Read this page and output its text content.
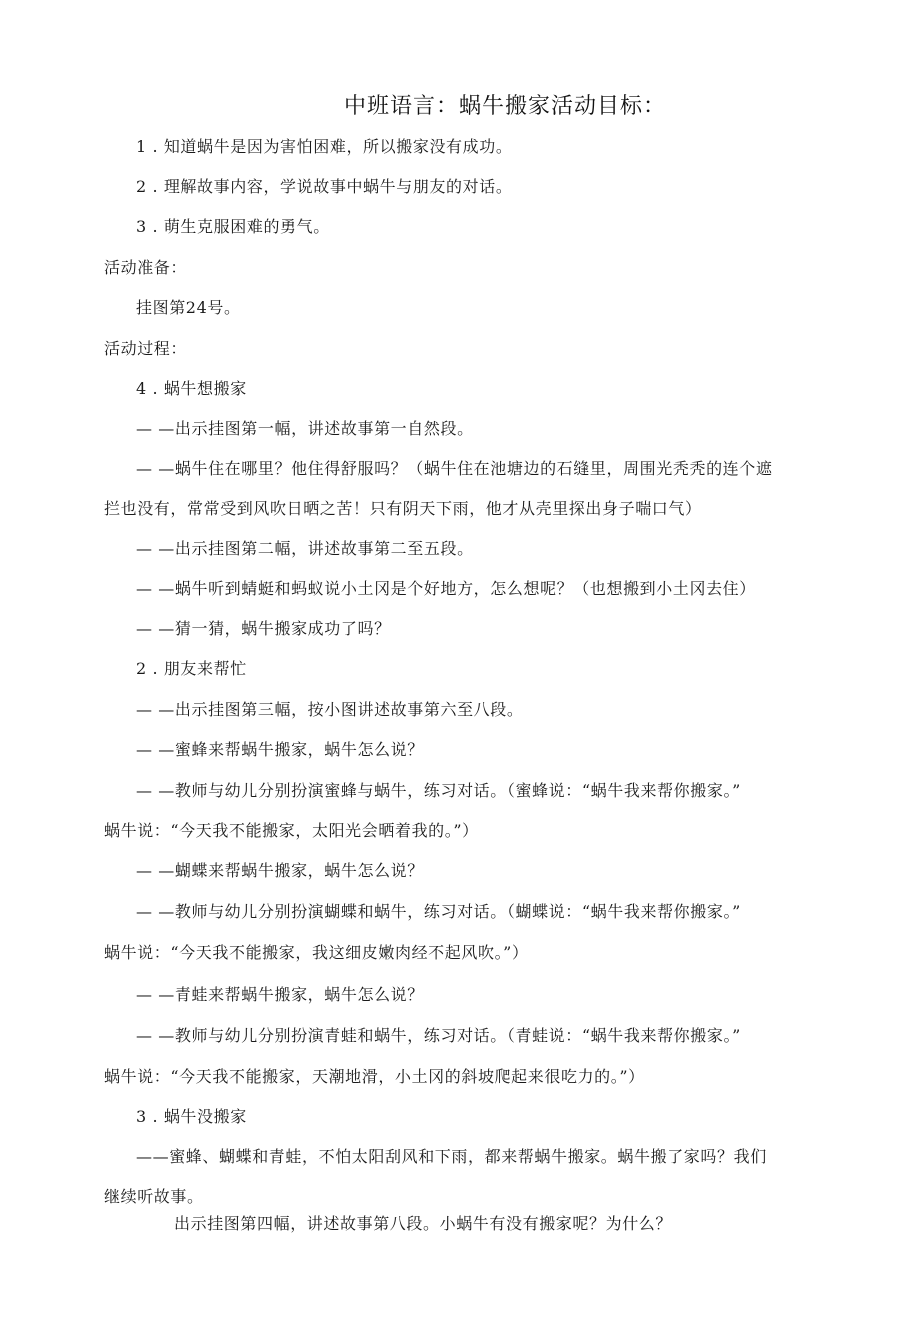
中班语言：蜗牛搬家活动目标：
1 . 知道蜗牛是因为害怕困难，所以搬家没有成功。
2 . 理解故事内容，学说故事中蜗牛与朋友的对话。
3 . 萌生克服困难的勇气。
活动准备：
挂图第24号。
活动过程：
4 . 蜗牛想搬家
— —出示挂图第一幅，讲述故事第一自然段。
— —蜗牛住在哪里？他住得舒服吗？（蜗牛住在池塘边的石缝里，周围光秃秃的连个遮
拦也没有，常常受到风吹日晒之苦！只有阴天下雨，他才从壳里探出身子喘口气）
— —出示挂图第二幅，讲述故事第二至五段。
— —蜗牛听到蜻蜓和蚂蚁说小土冈是个好地方，怎么想呢？（也想搬到小土冈去住）
— —猜一猜，蜗牛搬家成功了吗？
2 . 朋友来帮忙
— —出示挂图第三幅，按小图讲述故事第六至八段。
— —蜜蜂来帮蜗牛搬家，蜗牛怎么说？
— —教师与幼儿分别扮演蜜蜂与蜗牛，练习对话。（蜜蜂说：“蜗牛我来帮你搬家。”
蜗牛说：“今天我不能搬家，太阳光会晒着我的。”）
— —蝴蝶来帮蜗牛搬家，蜗牛怎么说？
— —教师与幼儿分别扮演蝴蝶和蜗牛，练习对话。（蝴蝶说：“蜗牛我来帮你搬家。”
蜗牛说：“今天我不能搬家，我这细皮嫩肉经不起风吹。”）
— —青蛙来帮蜗牛搬家，蜗牛怎么说？
— —教师与幼儿分别扮演青蛙和蜗牛，练习对话。（青蛙说：“蜗牛我来帮你搬家。”
蜗牛说：“今天我不能搬家，天潮地滑，小土冈的斜坡爬起来很吃力的。”）
3 . 蜗牛没搬家
——蜜蜂、蝴蝶和青蛙，不怕太阳刮风和下雨，都来帮蜗牛搬家。蜗牛搬了家吗？我们
继续听故事。
出示挂图第四幅，讲述故事第八段。小蜗牛有没有搬家呢？为什么？
